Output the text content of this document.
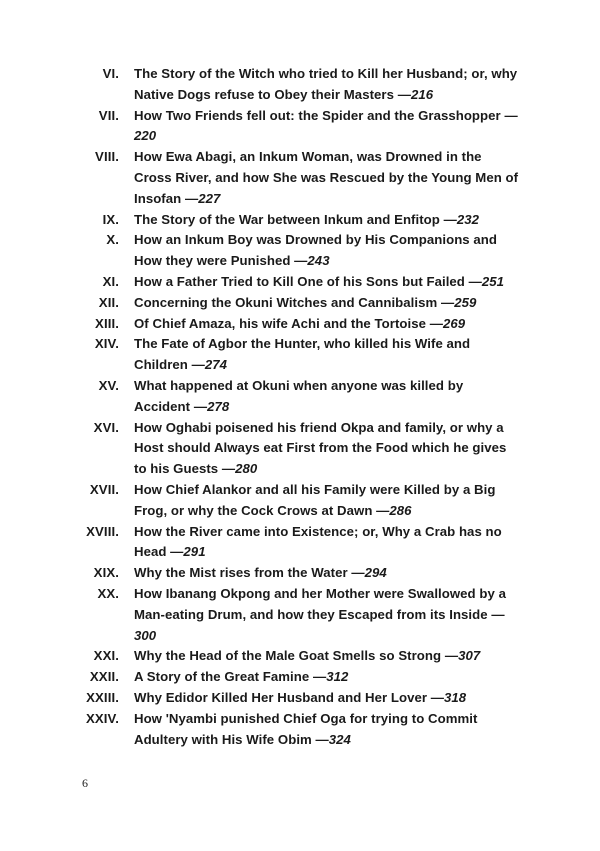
VI.	The Story of the Witch who tried to Kill her Husband; or, why Native Dogs refuse to Obey their Masters —216
VII.	How Two Friends fell out: the Spider and the Grasshopper —220
VIII.	How Ewa Abagi, an Inkum Woman, was Drowned in the Cross River, and how She was Rescued by the Young Men of Insofan —227
IX.	The Story of the War between Inkum and Enfitop —232
X.	How an Inkum Boy was Drowned by His Companions and How they were Punished —243
XI.	How a Father Tried to Kill One of his Sons but Failed —251
XII.	Concerning the Okuni Witches and Cannibalism —259
XIII.	Of Chief Amaza, his wife Achi and the Tortoise —269
XIV.	The Fate of Agbor the Hunter, who killed his Wife and Children —274
XV.	What happened at Okuni when anyone was killed by Accident —278
XVI.	How Oghabi poisened his friend Okpa and family, or why a Host should Always eat First from the Food which he gives to his Guests —280
XVII.	How Chief Alankor and all his Family were Killed by a Big Frog, or why the Cock Crows at Dawn —286
XVIII.	How the River came into Existence; or, Why a Crab has no Head —291
XIX.	Why the Mist rises from the Water —294
XX.	How Ibanang Okpong and her Mother were Swallowed by a Man-eating Drum, and how they Escaped from its Inside —300
XXI.	Why the Head of the Male Goat Smells so Strong —307
XXII.	A Story of the Great Famine —312
XXIII.	Why Edidor Killed Her Husband and Her Lover —318
XXIV.	How 'Nyambi punished Chief Oga for trying to Commit Adultery with His Wife Obim —324
6
